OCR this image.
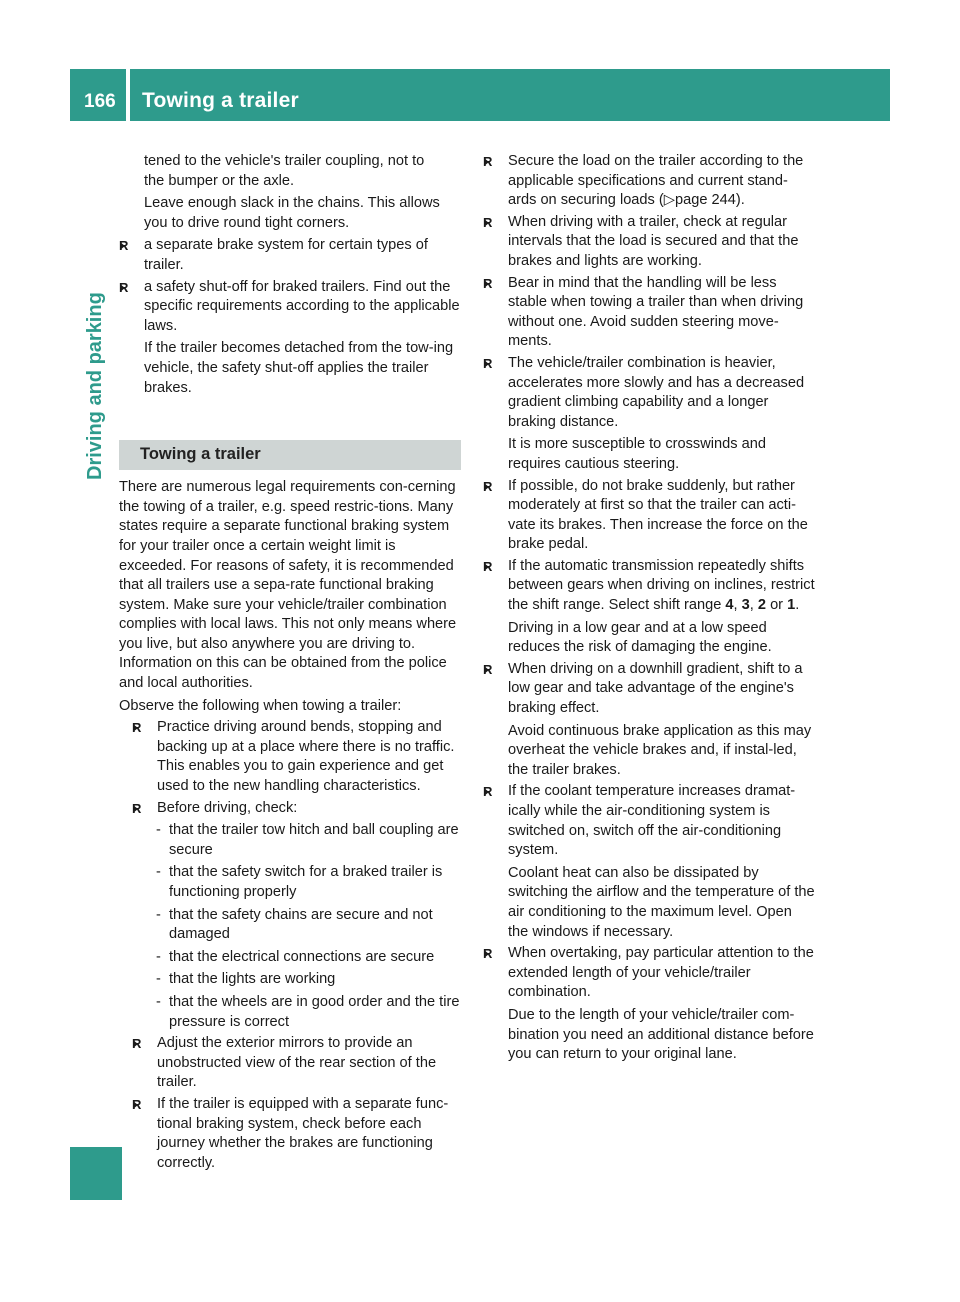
166 Towing a trailer
Driving and parking

tened to the vehicle's trailer coupling, not to

the bumper or the axle.

Leave enough slack in the chains. This allows you to drive round tight corners.

R	a separate brake system for certain types of trailer.

R	a safety shut-off for braked trailers. Find out the specific requirements according to the applicable laws.

If the trailer becomes detached from the tow-ing vehicle, the safety shut-off applies the trailer brakes.

Towing a trailer

There are numerous legal requirements con-cerning the towing of a trailer, e.g. speed restric-tions. Many states require a separate functional braking system for your trailer once a certain weight limit is exceeded. For reasons of safety, it is recommended that all trailers use a sepa-rate functional braking system. Make sure your vehicle/trailer combination complies with local laws. This not only means where you live, but also anywhere you are driving to. Information on this can be obtained from the police and local authorities.

Observe the following when towing a trailer:

R	Practice driving around bends, stopping and backing up at a place where there is no traffic. This enables you to gain experience and get used to the new handling characteristics.

R	Before driving, check:

- that the trailer tow hitch and ball coupling are secure
- that the safety switch for a braked trailer is functioning properly
- that the safety chains are secure and not damaged
- that the electrical connections are secure
- that the lights are working
- that the wheels are in good order and the tire pressure is correct
R	Adjust the exterior mirrors to provide an unobstructed view of the rear section of the trailer.

R	If the trailer is equipped with a separate func-tional braking system, check before each journey whether the brakes are functioning correctly.

R	Secure the load on the trailer according to the applicable specifications and current stand-ards on securing loads (▷page 244).

R	When driving with a trailer, check at regular intervals that the load is secured and that the brakes and lights are working.

R	Bear in mind that the handling will be less stable when towing a trailer than when driving without one. Avoid sudden steering move-ments.

R	The vehicle/trailer combination is heavier, accelerates more slowly and has a decreased gradient climbing capability and a longer braking distance.

It is more susceptible to crosswinds and requires cautious steering.

R	If possible, do not brake suddenly, but rather moderately at first so that the trailer can acti-vate its brakes. Then increase the force on the brake pedal.

R	If the automatic transmission repeatedly shifts between gears when driving on inclines, restrict the shift range. Select shift range 4, 3, 2 or 1.

Driving in a low gear and at a low speed reduces the risk of damaging the engine.

R	When driving on a downhill gradient, shift to a low gear and take advantage of the engine's braking effect.

Avoid continuous brake application as this may overheat the vehicle brakes and, if instal-led, the trailer brakes.

R	If the coolant temperature increases dramat-ically while the air-conditioning system is switched on, switch off the air-conditioning system.

Coolant heat can also be dissipated by switching the airflow and the temperature of the air conditioning to the maximum level. Open the windows if necessary.

R	When overtaking, pay particular attention to the extended length of your vehicle/trailer combination.

Due to the length of your vehicle/trailer com-bination you need an additional distance before you can return to your original lane.
